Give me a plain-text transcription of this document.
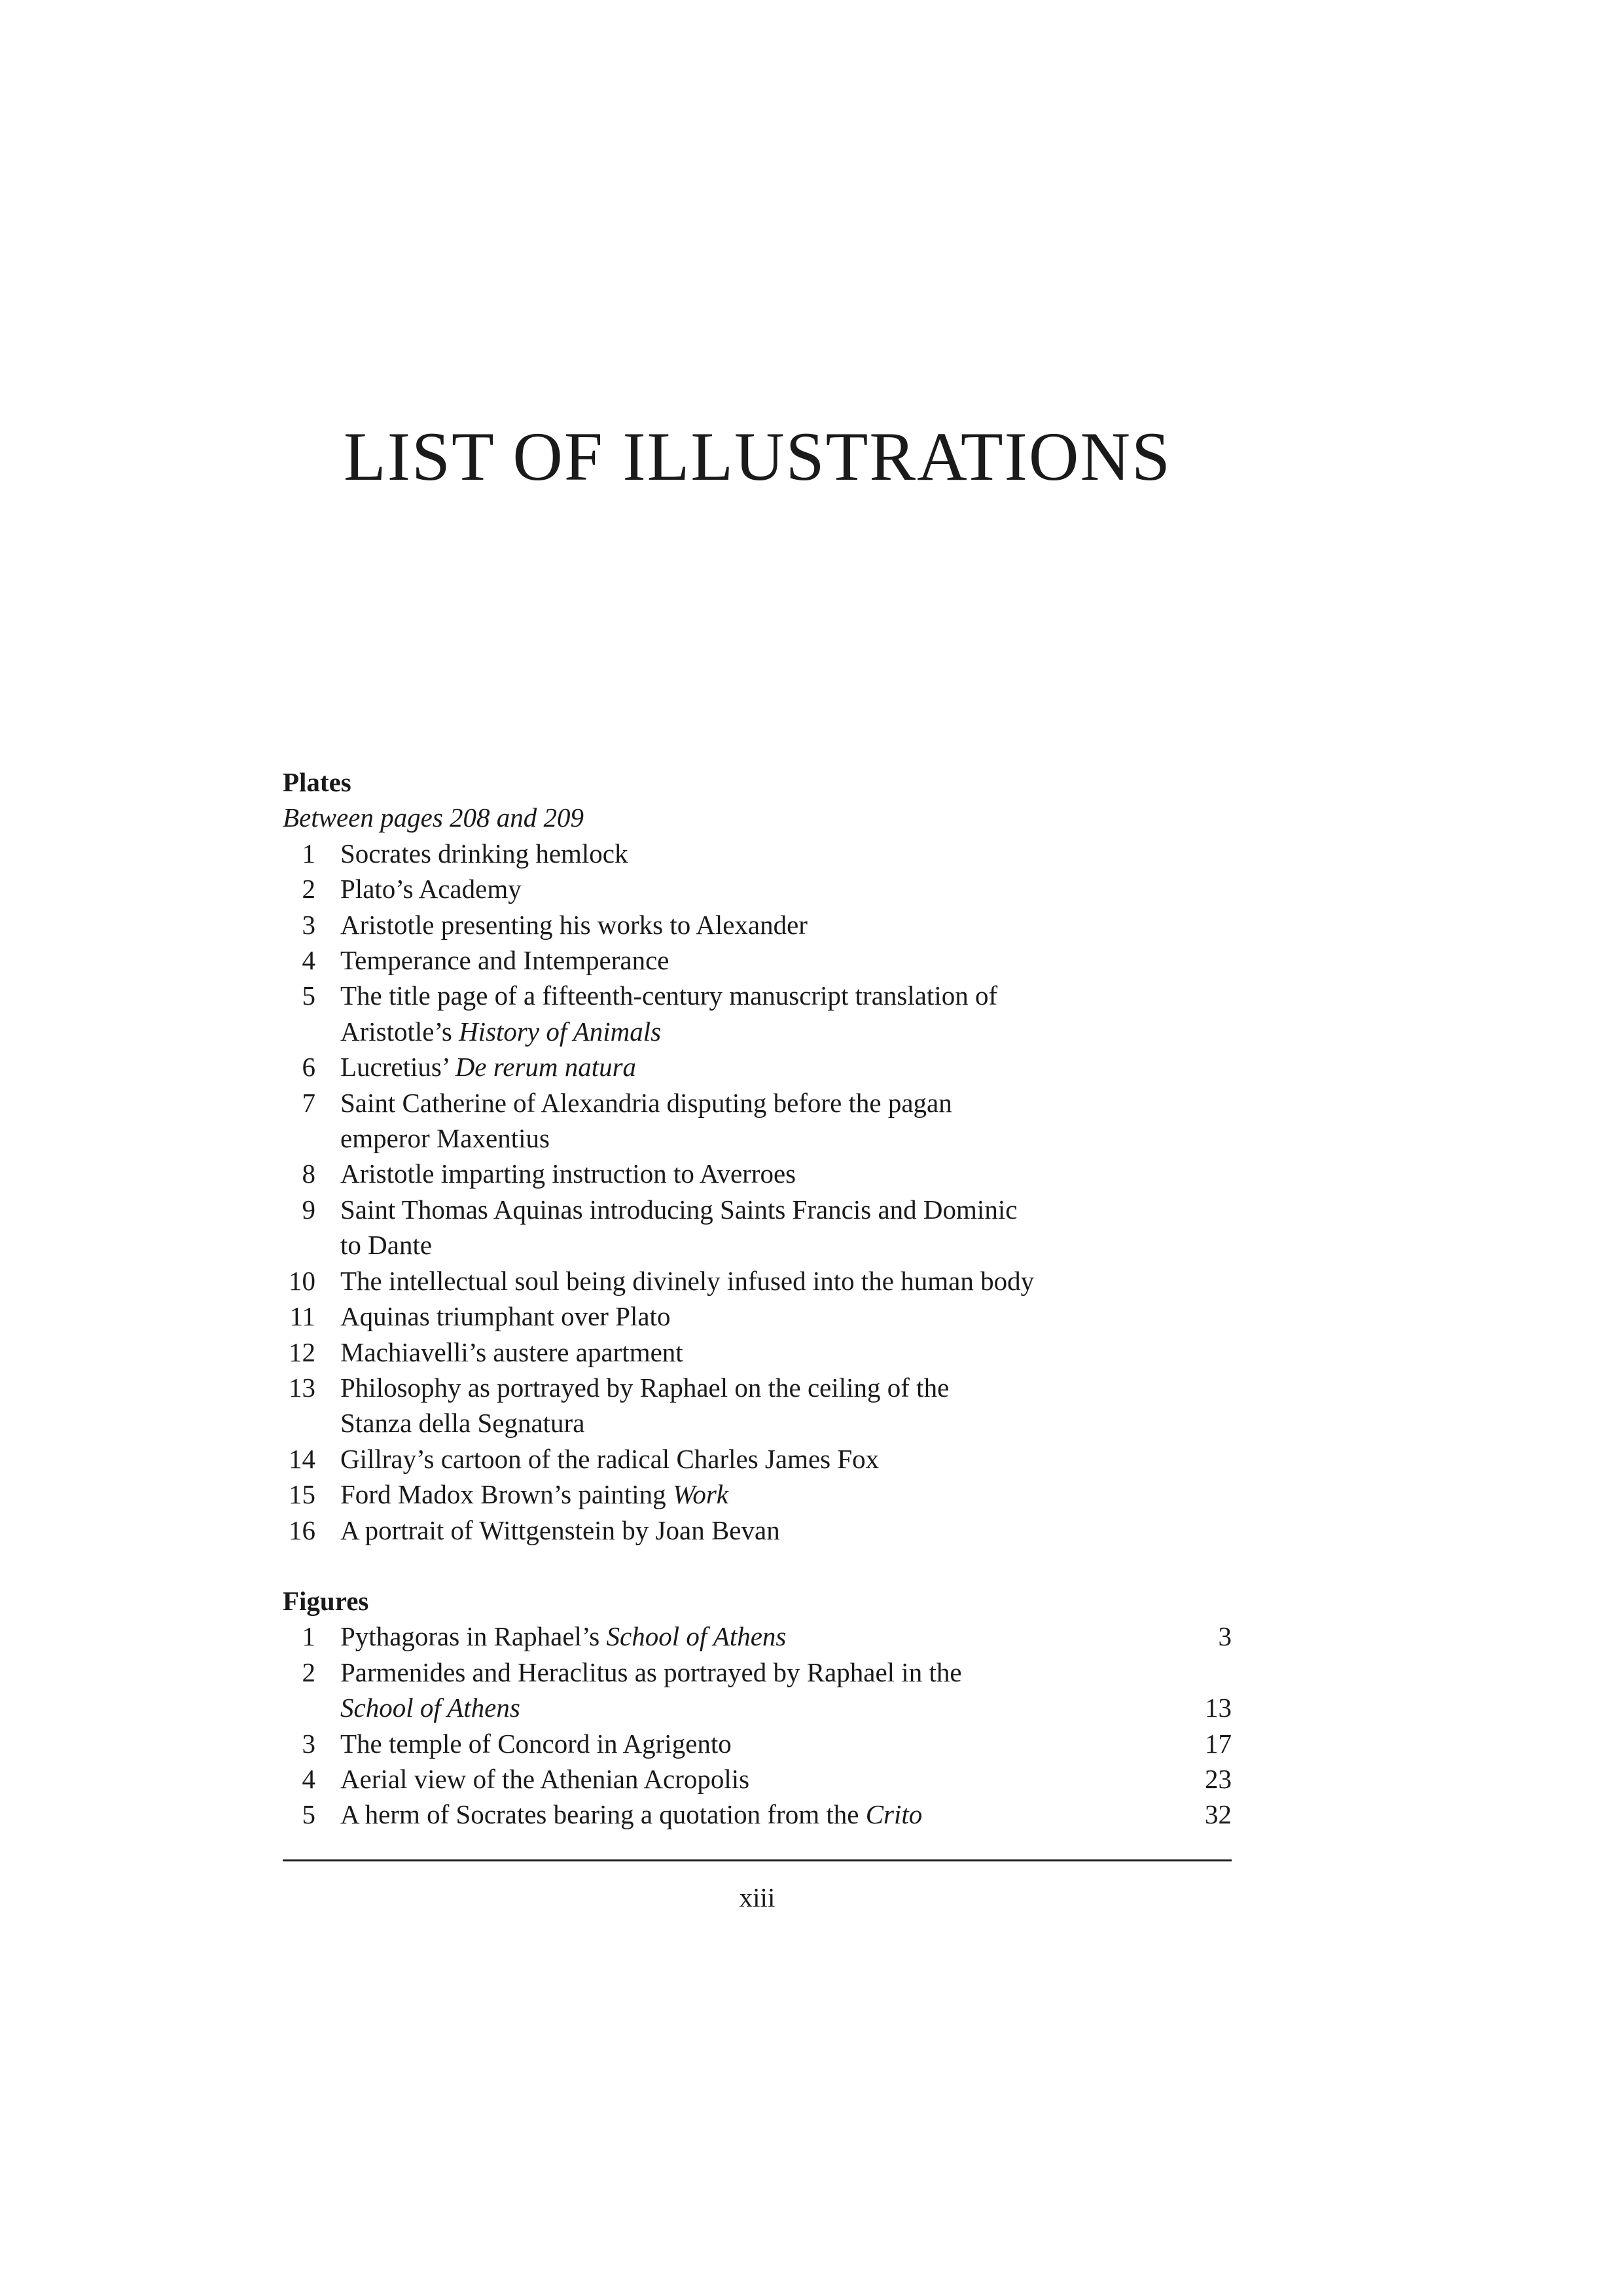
LIST OF ILLUSTRATIONS
Plates

Between pages 208 and 209

1 Socrates drinking hemlock
2 Plato’s Academy
3 Aristotle presenting his works to Alexander
4 Temperance and Intemperance
5 The title page of a fifteenth-century manuscript translation of
Aristotle’s History of Animals
6 Lucretius’ De rerum natura
7 Saint Catherine of Alexandria disputing before the pagan
emperor Maxentius
8 Aristotle imparting instruction to Averroes
9 Saint Thomas Aquinas introducing Saints Francis and Dominic
to Dante
10 The intellectual soul being divinely infused into the human body
11 Aquinas triumphant over Plato
12 Machiavelli’s austere apartment
13 Philosophy as portrayed by Raphael on the ceiling of the
Stanza della Segnatura
14 Gillray’s cartoon of the radical Charles James Fox
15 Ford Madox Brown’s painting Work
16 A portrait of Wittgenstein by Joan Bevan
Figures
1 Pythagoras in Raphael’s School of Athens	3
2 Parmenides and Heraclitus as portrayed by Raphael in the
School of Athens	13
3 The temple of Concord in Agrigento	17
4 Aerial view of the Athenian Acropolis	23
5 A herm of Socrates bearing a quotation from the Crito	32
xiii
